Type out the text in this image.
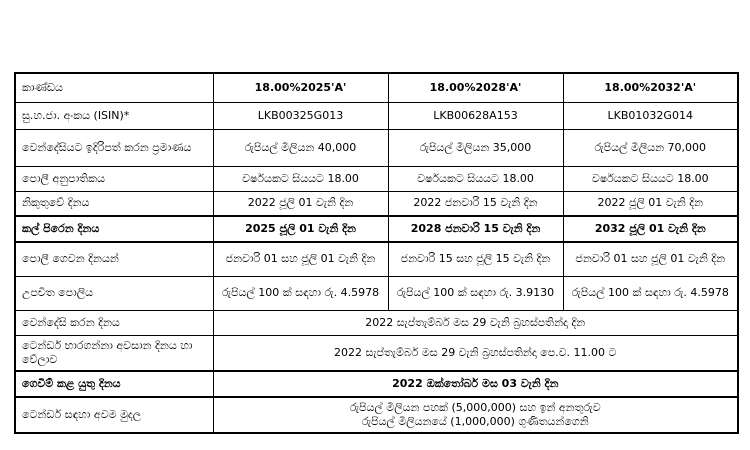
කාණ්ඩය	18.00%2025'A'	18.00%2028'A'	18.00%2032'A'
සු.හ.ජා. අංකය (ISIN)*	LKB00325G013	LKB00628A153	LKB01032G014
වෙන්දේසියට ඉදිරිපත් කරන ප්‍රමාණය	රුපියල් මිලියන 40,000	රුපියල් මිලියන 35,000	රුපියල් මිලියන 70,000
පොලී අනුපාතිකය	වර්ෂයකට සියයට 18.00	වර්ෂයකට සියයට 18.00	වර්ෂයකට සියයට 18.00
නිකුතුවේ දිනය	2022 ජූලි 01 වැනි දින	2022 ජනවාරි 15 වැනි දින	2022 ජූලි 01 වැනි දින
කල් පිරෙන දිනය	2025 ජූලි 01 වැනි දින	2028 ජනවාරි 15 වැනි දින	2032 ජූලි 01 වැනි දින
පොලී ගෙවන දිනයන්	ජනවාරි 01 සහ ජූලි 01 වැනි දින	ජනවාරි 15 සහ ජූලි 15 වැනි දින	ජනවාරි 01 සහ ජූලි 01 වැනි දින
උපචිත පොලිය	රුපියල් 100 ක් සඳහා රු. 4.5978	රුපියල් 100 ක් සඳහා රු. 3.9130	රුපියල් 100 ක් සඳහා රු. 4.5978
වෙන්දේසි කරන දිනය	2022 සැප්තැම්බර් මස 29 වැනි බ්‍රහස්පතින්දා දින		
ටෙන්ඩර් භාරගන්නා අවසාන දිනය හා වේලාව	2022 සැප්තැම්බර් මස 29 වැනි බ්‍රහස්පතින්දා පෙ.ව. 11.00 ට		
ගෙවීම් කළ යුතු දිනය	2022 ඔක්තෝබර් මස 03 වැනි දින		
ටෙන්ඩර් සඳහා අවම මුදල	රුපියල් මිලියන පහක් (5,000,000) සහ ඉන් අනතුරුව
රුපියල් මිලියනයේ (1,000,000) ගුණිතයන්ගෙනි		
